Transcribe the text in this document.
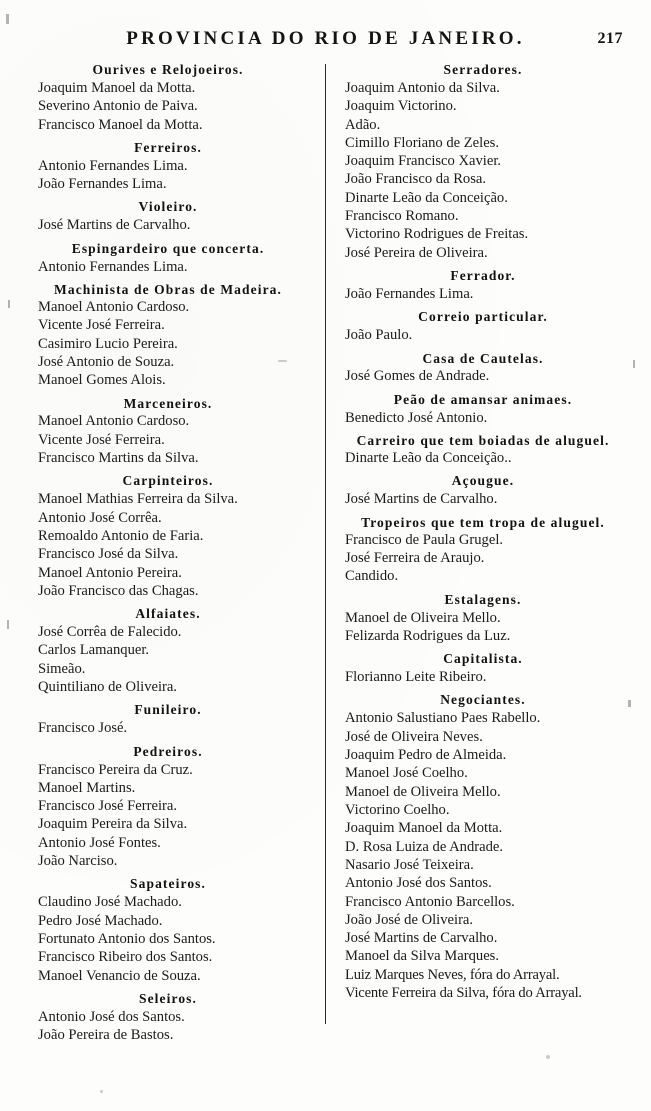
PROVINCIA DO RIO DE JANEIRO.	217
Ourives e Relojoeiros.
Joaquim Manoel da Motta.
Severino Antonio de Paiva.
Francisco Manoel da Motta.
Ferreiros.
Antonio Fernandes Lima.
João Fernandes Lima.
Violeiro.
José Martins de Carvalho.
Espingardeiro que concerta.
Antonio Fernandes Lima.
Machinista de Obras de Madeira.
Manoel Antonio Cardoso.
Vicente José Ferreira.
Casimiro Lucio Pereira.
José Antonio de Souza.
Manoel Gomes Alois.
Marceneiros.
Manoel Antonio Cardoso.
Vicente José Ferreira.
Francisco Martins da Silva.
Carpinteiros.
Manoel Mathias Ferreira da Silva.
Antonio José Corrêa.
Remoaldo Antonio de Faria.
Francisco José da Silva.
Manoel Antonio Pereira.
João Francisco das Chagas.
Alfaiates.
José Corrêa de Falecido.
Carlos Lamanquer.
Simeão.
Quintiliano de Oliveira.
Funileiro.
Francisco José.
Pedreiros.
Francisco Pereira da Cruz.
Manoel Martins.
Francisco José Ferreira.
Joaquim Pereira da Silva.
Antonio José Fontes.
João Narciso.
Sapateiros.
Claudino José Machado.
Pedro José Machado.
Fortunato Antonio dos Santos.
Francisco Ribeiro dos Santos.
Manoel Venancio de Souza.
Seleiros.
Antonio José dos Santos.
João Pereira de Bastos.
Serradores.
Joaquim Antonio da Silva.
Joaquim Victorino.
Adão.
Cimillo Floriano de Zeles.
Joaquim Francisco Xavier.
João Francisco da Rosa.
Dinarte Leão da Conceição.
Francisco Romano.
Victorino Rodrigues de Freitas.
José Pereira de Oliveira.
Ferrador.
João Fernandes Lima.
Correio particular.
João Paulo.
Casa de Cautelas.
José Gomes de Andrade.
Peão de amansar animaes.
Benedicto José Antonio.
Carreiro que tem boiadas de aluguel.
Dinarte Leão da Conceição..
Açougue.
José Martins de Carvalho.
Tropeiros que tem tropa de aluguel.
Francisco de Paula Grugel.
José Ferreira de Araujo.
Candido.
Estalagens.
Manoel de Oliveira Mello.
Felizarda Rodrigues da Luz.
Capitalista.
Florianno Leite Ribeiro.
Negociantes.
Antonio Salustiano Paes Rabello.
José de Oliveira Neves.
Joaquim Pedro de Almeida.
Manoel José Coelho.
Manoel de Oliveira Mello.
Victorino Coelho.
Joaquim Manoel da Motta.
D. Rosa Luiza de Andrade.
Nasario José Teixeira.
Antonio José dos Santos.
Francisco Antonio Barcellos.
João José de Oliveira.
José Martins de Carvalho.
Manoel da Silva Marques.
Luiz Marques Neves, fóra do Arrayal.
Vicente Ferreira da Silva, fóra do Arrayal.
